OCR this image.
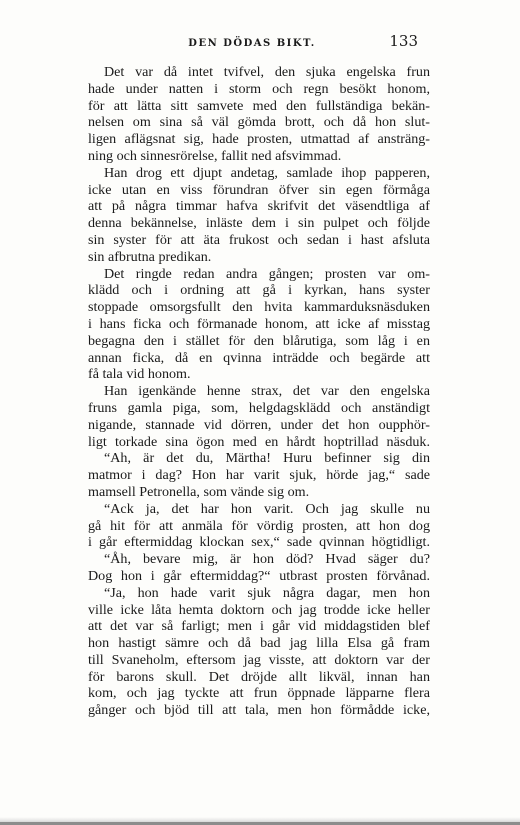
DEN DÖDAS BIKT.	133
Det var då intet tvifvel, den sjuka engelska frun
hade under natten i storm och regn besökt honom,
för att lätta sitt samvete med den fullständiga bekän-
nelsen om sina så väl gömda brott, och då hon slut-
ligen aflägsnat sig, hade prosten, utmattad af ansträng-
ning och sinnesrörelse, fallit ned afsvimmad.
Han drog ett djupt andetag, samlade ihop papperen,
icke utan en viss förundran öfver sin egen förmåga
att på några timmar hafva skrifvit det väsendtliga af
denna bekännelse, inläste dem i sin pulpet och följde
sin syster för att äta frukost och sedan i hast afsluta
sin afbrutna predikan.
Det ringde redan andra gången; prosten var om-
klädd och i ordning att gå i kyrkan, hans syster
stoppade omsorgsfullt den hvita kammarduksnäsduken
i hans ficka och förmanade honom, att icke af misstag
begagna den i stället för den blårutiga, som låg i en
annan ficka, då en qvinna inträdde och begärde att
få tala vid honom.
Han igenkände henne strax, det var den engelska
fruns gamla piga, som, helgdagsklädd och anständigt
nigande, stannade vid dörren, under det hon oupphör-
ligt torkade sina ögon med en hårdt hoptrillad näsduk.
“Ah, är det du, Märtha! Huru befinner sig din
matmor i dag? Hon har varit sjuk, hörde jag,“ sade
mamsell Petronella, som vände sig om.
“Ack ja, det har hon varit. Och jag skulle nu
gå hit för att anmäla för vördig prosten, att hon dog
i går eftermiddag klockan sex,“ sade qvinnan högtidligt.
“Åh, bevare mig, är hon död? Hvad säger du?
Dog hon i går eftermiddag?“ utbrast prosten förvånad.
“Ja, hon hade varit sjuk några dagar, men hon
ville icke låta hemta doktorn och jag trodde icke heller
att det var så farligt; men i går vid middagstiden blef
hon hastigt sämre och då bad jag lilla Elsa gå fram
till Svaneholm, eftersom jag visste, att doktorn var der
för barons skull. Det dröjde allt likväl, innan han
kom, och jag tyckte att frun öppnade läpparne flera
gånger och bjöd till att tala, men hon förmådde icke,
